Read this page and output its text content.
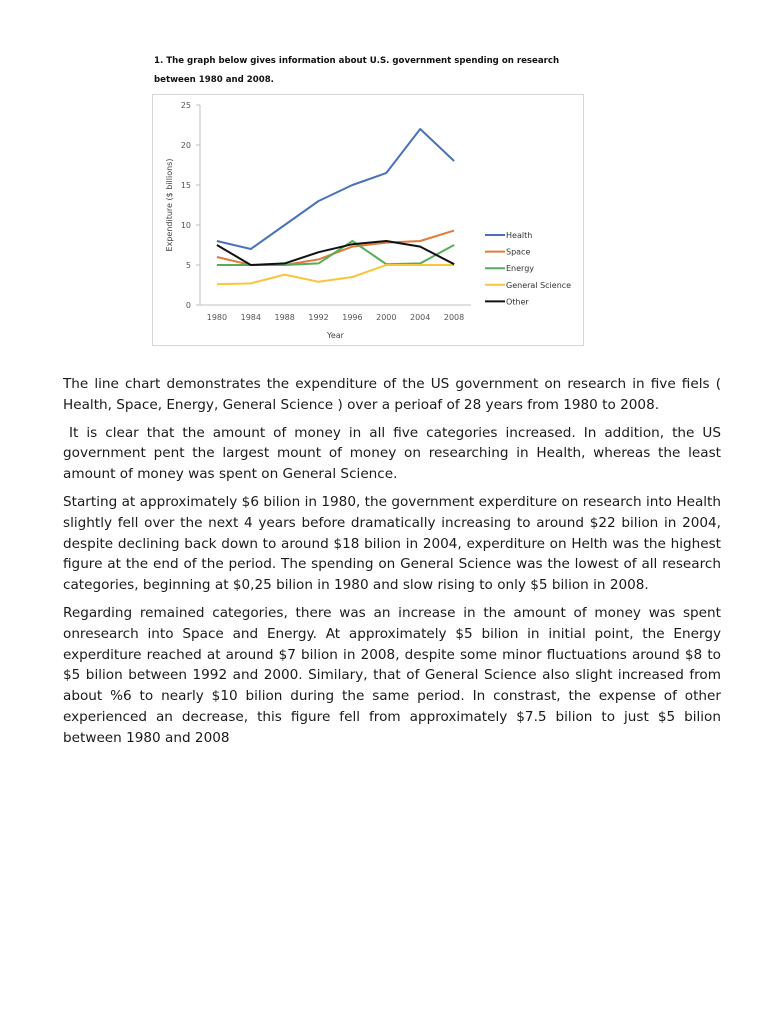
1. The graph below gives information about U.S. government spending on research between 1980 and 2008.
0
5
10
15
20
25
1980 1984 1988 1992 1996 2000 2004 2008
Year
Expenditure ($ billions)	Health
Space
Energy
General Science
Other

The line chart demonstrates the expenditure of the US government on research in five fiels ( Health, Space, Energy, General Science ) over a perioaf of 28 years from 1980 to 2008.

It is clear that the amount of money in all five categories increased. In addition, the US government pent the largest mount of money on researching in Health, whereas the least amount of money was spent on General Science.

Starting at approximately $6 bilion in 1980, the government experditure on research into Health slightly fell over the next 4 years before dramatically increasing to around $22 bilion in 2004, despite declining back down to around $18 bilion in 2004, experditure on Helth was the highest figure at the end of the period. The spending on General Science was the lowest of all research categories, beginning at $0,25 bilion in 1980 and slow rising to only $5 bilion in 2008.

Regarding remained categories, there was an increase in the amount of money was spent onresearch into Space and Energy. At approximately $5 bilion in initial point, the Energy experditure reached at around $7 bilion in 2008, despite some minor fluctuations around $8 to $5 bilion between 1992 and 2000. Similary, that of General Science also slight increased from about %6 to nearly $10 bilion during the same period. In constrast, the expense of other experienced an decrease, this figure fell from approximately $7.5 bilion to just $5 bilion between 1980 and 2008
